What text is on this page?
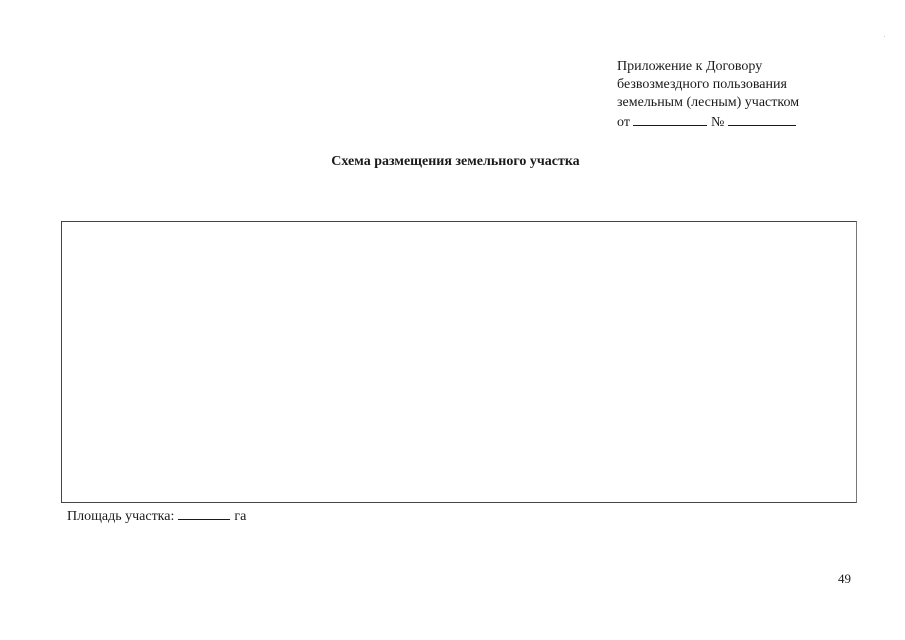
Приложение к Договору
безвозмездного пользования
земельным (лесным) участком
от	№
Схема размещения земельного участка
Площадь участка:	га
49
